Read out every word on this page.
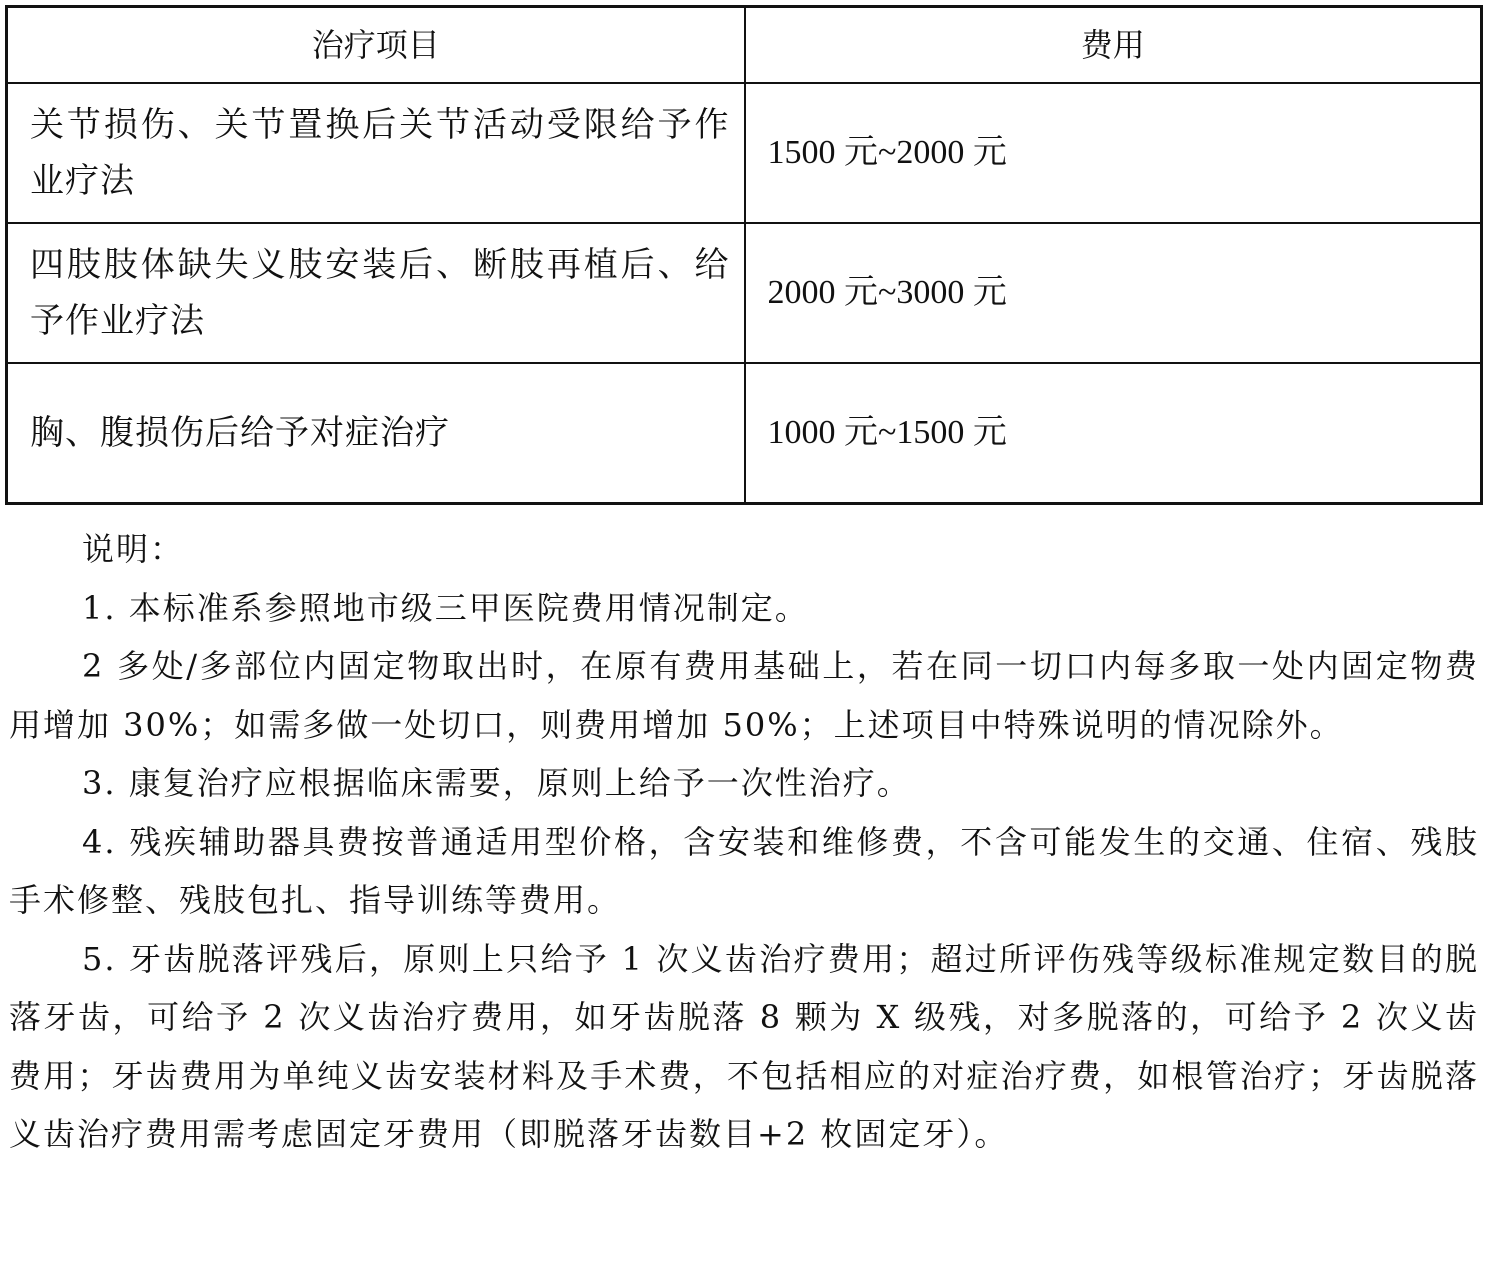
治疗项目	费用
关节损伤、关节置换后关节活动受限给予作业疗法	1500 元~2000 元
四肢肢体缺失义肢安装后、断肢再植后、给予作业疗法	2000 元~3000 元
胸、腹损伤后给予对症治疗	1000 元~1500 元

说明：

1. 本标准系参照地市级三甲医院费用情况制定。

2 多处/多部位内固定物取出时，在原有费用基础上，若在同一切口内每多取一处内固定物费用增加 30%；如需多做一处切口，则费用增加 50%；上述项目中特殊说明的情况除外。

3. 康复治疗应根据临床需要，原则上给予一次性治疗。

4. 残疾辅助器具费按普通适用型价格，含安装和维修费，不含可能发生的交通、住宿、残肢手术修整、残肢包扎、指导训练等费用。

5. 牙齿脱落评残后，原则上只给予 1 次义齿治疗费用；超过所评伤残等级标准规定数目的脱落牙齿，可给予 2 次义齿治疗费用，如牙齿脱落 8 颗为 X 级残，对多脱落的，可给予 2 次义齿费用；牙齿费用为单纯义齿安装材料及手术费，不包括相应的对症治疗费，如根管治疗；牙齿脱落义齿治疗费用需考虑固定牙费用（即脱落牙齿数目+2 枚固定牙）。
